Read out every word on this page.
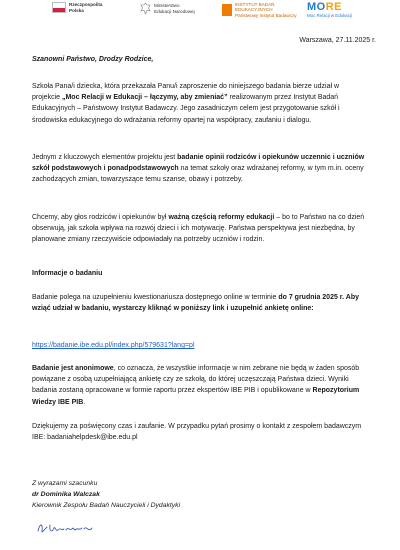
Rzeczpospolita
Polska
Ministerstwo
Edukacji Narodowej
INSTYTUT BADAŃ
EDUKACYJNYCH
Państwowy Instytut Badawczy
MORE
Moc Relacji w Edukacji
Warszawa, 27.11.2025 r.
Szanowni Państwo, Drodzy Rodzice,

Szkoła Pana/i dziecka, która przekazała Panu/i zaproszenie do niniejszego badania bierze udział w projekcie „Moc Relacji w Edukacji – łączymy, aby zmieniać” realizowanym przez Instytut Badań Edukacyjnych – Państwowy Instytut Badawczy. Jego zasadniczym celem jest przygotowanie szkół i środowiska edukacyjnego do wdrażania reformy opartej na współpracy, zaufaniu i dialogu.

Jednym z kluczowych elementów projektu jest badanie opinii rodziców i opiekunów uczennic i uczniów szkół podstawowych i ponadpodstawowych na temat szkoły oraz wdrażanej reformy, w tym m.in. oceny zachodzących zmian, towarzyszące temu szanse, obawy i potrzeby.

Chcemy, aby głos rodziców i opiekunów był ważną częścią reformy edukacji – bo to Państwo na co dzień obserwują, jak szkoła wpływa na rozwój dzieci i ich motywację. Państwa perspektywa jest niezbędna, by planowane zmiany rzeczywiście odpowiadały na potrzeby uczniów i rodzin.

Informacje o badaniu

Badanie polega na uzupełnieniu kwestionariusza dostępnego online w terminie do 7 grudnia 2025 r. Aby wziąć udział w badaniu, wystarczy kliknąć w poniższy link i uzupełnić ankietę online:

https://badanie.ibe.edu.pl/index.php/579631?lang=pl

Badanie jest anonimowe, co oznacza, że wszystkie informacje w nim zebrane nie będą w żaden sposób powiązane z osobą uzupełniającą ankietę czy ze szkołą, do której uczęszczają Państwa dzieci. Wyniki badania zostaną opracowane w formie raportu przez ekspertów IBE PIB i opublikowane w Repozytorium Wiedzy IBE PIB.

Dziękujemy za poświęcony czas i zaufanie. W przypadku pytań prosimy o kontakt z zespołem badawczym IBE: badaniahelpdesk@ibe.edu.pl

Z wyrazami szacunku
dr Dominika Walczak
Kierownik Zespołu Badań Nauczycieli i Dydaktyki
